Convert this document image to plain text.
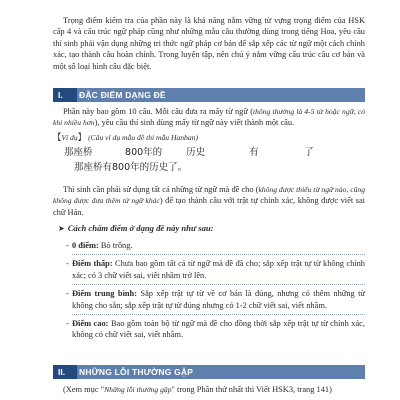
Trọng điểm kiểm tra của phần này là khả năng nắm vững từ vựng trọng điểm của HSK cấp 4 và cấu trúc ngữ pháp cũng như những mẫu câu thường dùng trong tiếng Hoa, yêu cầu thí sinh phải vận dụng những tri thức ngữ pháp cơ bản để sắp xếp các từ ngữ một cách chính xác, tạo thành câu hoàn chỉnh. Trong luyện tập, nên chú ý nắm vững cấu trúc câu cơ bản và một số loại hình câu đặc biệt.

I.	ĐẶC ĐIỂM DẠNG ĐỀ

Phần này bao gồm 10 câu. Mỗi câu đưa ra mấy từ ngữ (thông thường là 4-5 từ hoặc ngữ, có khi nhiều hơn), yêu cầu thí sinh dùng mấy từ ngữ này viết thành một câu.

【Ví dụ】 (Câu ví dụ mẫu đề thi mẫu Hanban)
那座桥	800年的	历史	有	了
那座桥有800年的历史了。

Thí sinh cần phải sử dụng tất cả những từ ngữ mà đề cho (không được thiếu từ ngữ nào, cũng không được đưa thêm từ ngữ khác) để tạo thành câu với trật tự chính xác, không được viết sai chữ Hán.

➤ Cách chấm điểm ở dạng đề này như sau:
- 0 điểm: Bỏ trống.
- Điểm thấp: Chưa bao gồm tất cả từ ngữ mà đề đã cho; sắp xếp trật tự từ không chính xác; có 3 chữ viết sai, viết nhầm trở lên.
- Điểm trung bình: Sắp xếp trật tự từ về cơ bản là đúng, nhưng có thêm những từ không cho sẵn; sắp xếp trật tự từ đúng nhưng có 1-2 chữ viết sai, viết nhầm.
- Điểm cao: Bao gồm toàn bộ từ ngữ mà đề cho đồng thời sắp xếp trật tự từ chính xác, không có chữ viết sai, viết nhầm.
II.	NHỮNG LỖI THƯỜNG GẶP

(Xem mục "Những lỗi thường gặp" trong Phần thứ nhất thi Viết HSK3, trang 141)
